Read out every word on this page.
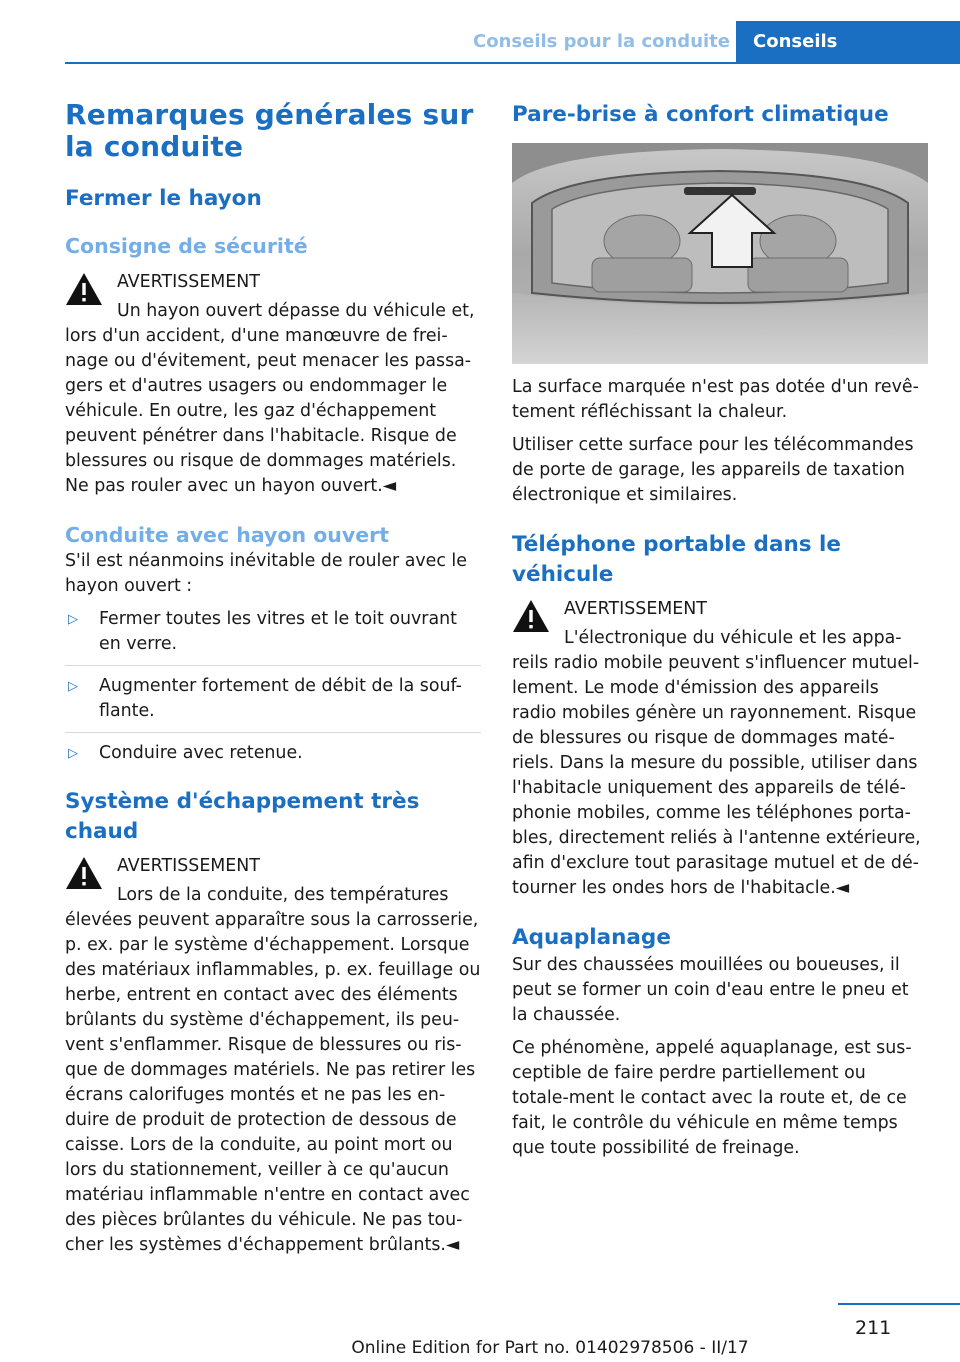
Conseils pour la conduite	Conseils
Remarques générales sur la conduite
Fermer le hayon
Consigne de sécurité

AVERTISSEMENT

Un hayon ouvert dépasse du véhicule et, lors d'un accident, d'une manœuvre de frei-nage ou d'évitement, peut menacer les passa-gers et d'autres usagers ou endommager le véhicule. En outre, les gaz d'échappement peuvent pénétrer dans l'habitacle. Risque de blessures ou risque de dommages matériels. Ne pas rouler avec un hayon ouvert.◄

Conduite avec hayon ouvert

S'il est néanmoins inévitable de rouler avec le hayon ouvert :

▷ Fermer toutes les vitres et le toit ouvrant en verre.
▷ Augmenter fortement de débit de la souf-flante.
▷ Conduire avec retenue.
Système d'échappement très chaud

AVERTISSEMENT

Lors de la conduite, des températures élevées peuvent apparaître sous la carrosserie, p. ex. par le système d'échappement. Lorsque des matériaux inflammables, p. ex. feuillage ou herbe, entrent en contact avec des éléments brûlants du système d'échappement, ils peu-vent s'enflammer. Risque de blessures ou ris-que de dommages matériels. Ne pas retirer les écrans calorifuges montés et ne pas les en-duire de produit de protection de dessous de caisse. Lors de la conduite, au point mort ou lors du stationnement, veiller à ce qu'aucun matériau inflammable n'entre en contact avec des pièces brûlantes du véhicule. Ne pas tou-cher les systèmes d'échappement brûlants.◄

Pare-brise à confort climatique

La surface marquée n'est pas dotée d'un revê-tement réfléchissant la chaleur.

Utiliser cette surface pour les télécommandes de porte de garage, les appareils de taxation électronique et similaires.

Téléphone portable dans le véhicule

AVERTISSEMENT

L'électronique du véhicule et les appa-reils radio mobile peuvent s'influencer mutuel-lement. Le mode d'émission des appareils radio mobiles génère un rayonnement. Risque de blessures ou risque de dommages maté-riels. Dans la mesure du possible, utiliser dans l'habitacle uniquement des appareils de télé-phonie mobiles, comme les téléphones porta-bles, directement reliés à l'antenne extérieure, afin d'exclure tout parasitage mutuel et de dé-tourner les ondes hors de l'habitacle.◄

Aquaplanage

Sur des chaussées mouillées ou boueuses, il peut se former un coin d'eau entre le pneu et la chaussée.

Ce phénomène, appelé aquaplanage, est sus-ceptible de faire perdre partiellement ou totale-ment le contact avec la route et, de ce fait, le contrôle du véhicule en même temps que toute possibilité de freinage.

211
Online Edition for Part no. 01402978506 - II/17
